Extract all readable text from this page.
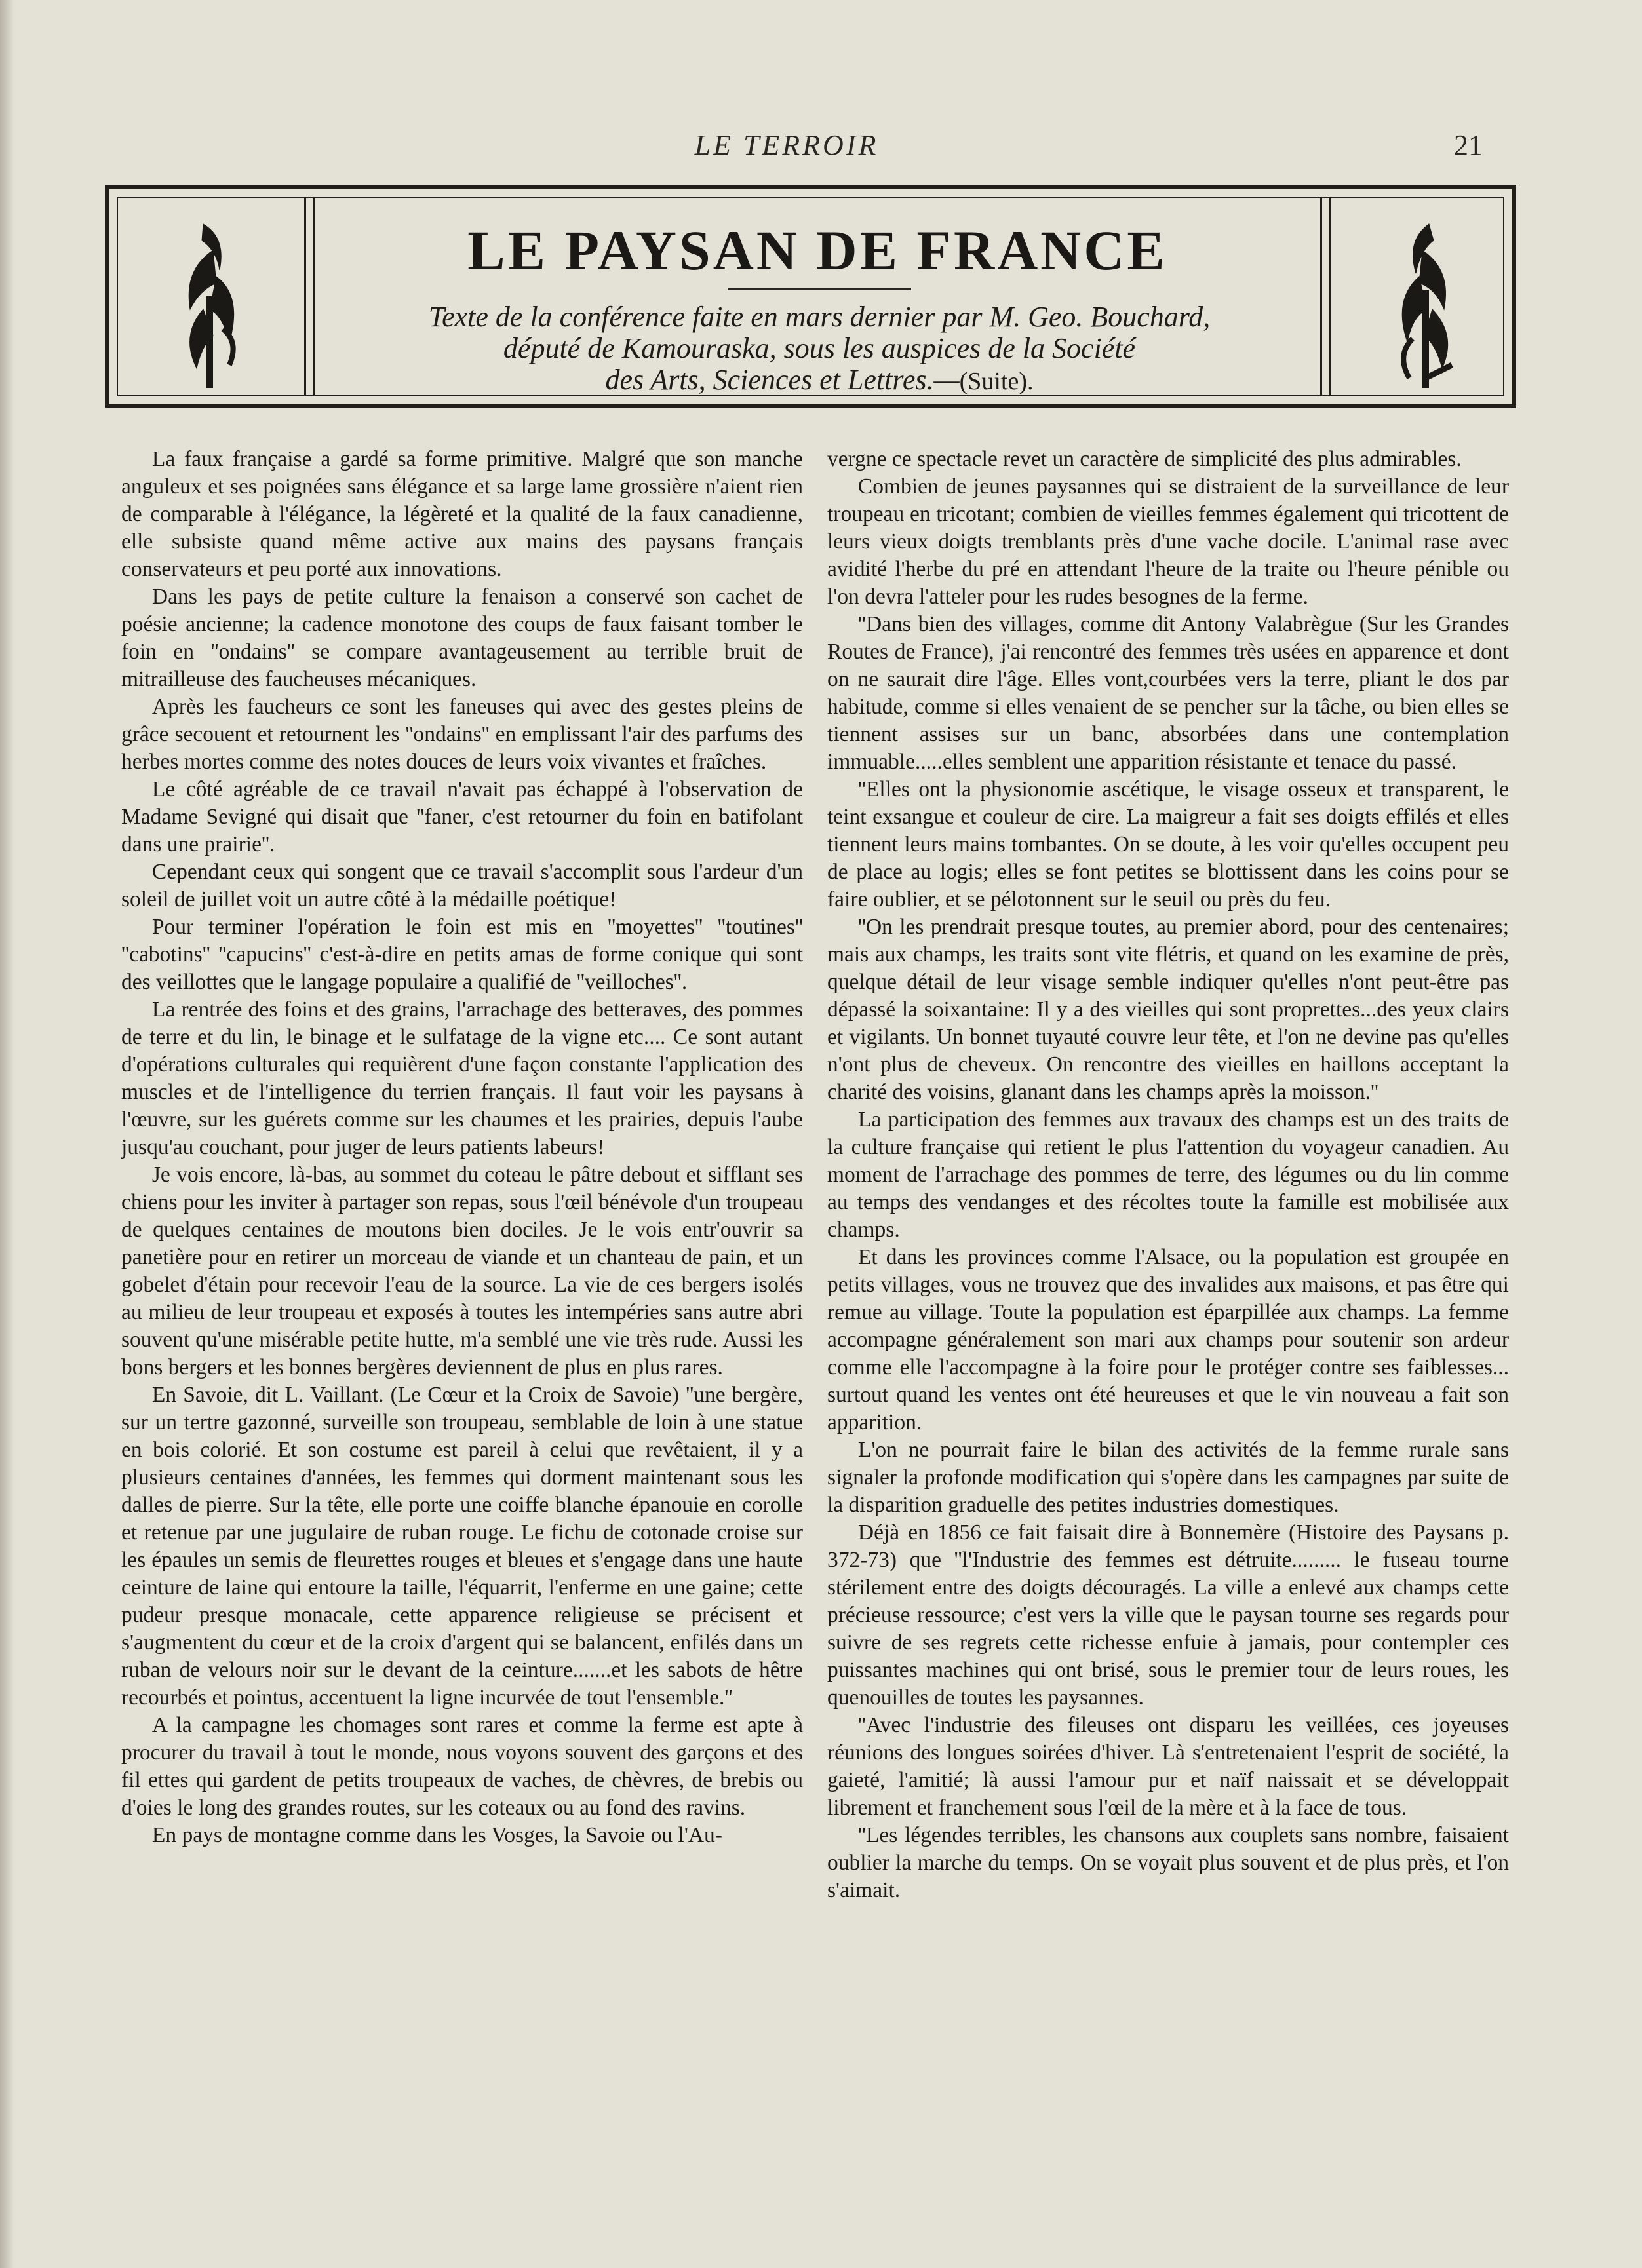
LE TERROIR	21
LE PAYSAN DE FRANCE
Texte de la conférence faite en mars dernier par M. Geo. Bouchard,
député de Kamouraska, sous les auspices de la Société
des Arts, Sciences et Lettres.—(Suite).

La faux française a gardé sa forme primitive. Malgré que son manche anguleux et ses poignées sans élégance et sa large lame grossière n'aient rien de comparable à l'élégance, la légèreté et la qualité de la faux canadienne, elle subsiste quand même active aux mains des paysans français conservateurs et peu porté aux innovations.

Dans les pays de petite culture la fenaison a conservé son cachet de poésie ancienne; la cadence monotone des coups de faux faisant tomber le foin en ''ondains'' se compare avantageusement au terrible bruit de mitrailleuse des faucheuses mécaniques.

Après les faucheurs ce sont les faneuses qui avec des gestes pleins de grâce secouent et retournent les ''ondains'' en emplissant l'air des parfums des herbes mortes comme des notes douces de leurs voix vivantes et fraîches.

Le côté agréable de ce travail n'avait pas échappé à l'observation de Madame Sevigné qui disait que ''faner, c'est retourner du foin en batifolant dans une prairie''.

Cependant ceux qui songent que ce travail s'accomplit sous l'ardeur d'un soleil de juillet voit un autre côté à la médaille poétique!

Pour terminer l'opération le foin est mis en ''moyettes'' ''toutines'' ''cabotins'' ''capucins'' c'est-à-dire en petits amas de forme conique qui sont des veillottes que le langage populaire a qualifié de ''veilloches''.

La rentrée des foins et des grains, l'arrachage des betteraves, des pommes de terre et du lin, le binage et le sulfatage de la vigne etc.... Ce sont autant d'opérations culturales qui requièrent d'une façon constante l'application des muscles et de l'intelligence du terrien français. Il faut voir les paysans à l'œuvre, sur les guérets comme sur les chaumes et les prairies, depuis l'aube jusqu'au couchant, pour juger de leurs patients labeurs!

Je vois encore, là-bas, au sommet du coteau le pâtre debout et sifflant ses chiens pour les inviter à partager son repas, sous l'œil bénévole d'un troupeau de quelques centaines de moutons bien dociles. Je le vois entr'ouvrir sa panetière pour en retirer un morceau de viande et un chanteau de pain, et un gobelet d'étain pour recevoir l'eau de la source. La vie de ces bergers isolés au milieu de leur troupeau et exposés à toutes les intempéries sans autre abri souvent qu'une misérable petite hutte, m'a semblé une vie très rude. Aussi les bons bergers et les bonnes bergères deviennent de plus en plus rares.

En Savoie, dit L. Vaillant. (Le Cœur et la Croix de Savoie) ''une bergère, sur un tertre gazonné, surveille son troupeau, semblable de loin à une statue en bois colorié. Et son costume est pareil à celui que revêtaient, il y a plusieurs centaines d'années, les femmes qui dorment maintenant sous les dalles de pierre. Sur la tête, elle porte une coiffe blanche épanouie en corolle et retenue par une jugulaire de ruban rouge. Le fichu de cotonade croise sur les épaules un semis de fleurettes rouges et bleues et s'engage dans une haute ceinture de laine qui entoure la taille, l'équarrit, l'enferme en une gaine; cette pudeur presque monacale, cette apparence religieuse se précisent et s'augmentent du cœur et de la croix d'argent qui se balancent, enfilés dans un ruban de velours noir sur le devant de la ceinture.......et les sabots de hêtre recourbés et pointus, accentuent la ligne incurvée de tout l'ensemble.''

A la campagne les chomages sont rares et comme la ferme est apte à procurer du travail à tout le monde, nous voyons souvent des garçons et des fil ettes qui gardent de petits troupeaux de vaches, de chèvres, de brebis ou d'oies le long des grandes routes, sur les coteaux ou au fond des ravins.

En pays de montagne comme dans les Vosges, la Savoie ou l'Au-

vergne ce spectacle revet un caractère de simplicité des plus admirables.

Combien de jeunes paysannes qui se distraient de la surveillance de leur troupeau en tricotant; combien de vieilles femmes également qui tricottent de leurs vieux doigts tremblants près d'une vache docile. L'animal rase avec avidité l'herbe du pré en attendant l'heure de la traite ou l'heure pénible ou l'on devra l'atteler pour les rudes besognes de la ferme.

''Dans bien des villages, comme dit Antony Valabrègue (Sur les Grandes Routes de France), j'ai rencontré des femmes très usées en apparence et dont on ne saurait dire l'âge. Elles vont,courbées vers la terre, pliant le dos par habitude, comme si elles venaient de se pencher sur la tâche, ou bien elles se tiennent assises sur un banc, absorbées dans une contemplation immuable.....elles semblent une apparition résistante et tenace du passé.

''Elles ont la physionomie ascétique, le visage osseux et transparent, le teint exsangue et couleur de cire. La maigreur a fait ses doigts effilés et elles tiennent leurs mains tombantes. On se doute, à les voir qu'elles occupent peu de place au logis; elles se font petites se blottissent dans les coins pour se faire oublier, et se pélotonnent sur le seuil ou près du feu.

''On les prendrait presque toutes, au premier abord, pour des centenaires; mais aux champs, les traits sont vite flétris, et quand on les examine de près, quelque détail de leur visage semble indiquer qu'elles n'ont peut-être pas dépassé la soixantaine: Il y a des vieilles qui sont proprettes...des yeux clairs et vigilants. Un bonnet tuyauté couvre leur tête, et l'on ne devine pas qu'elles n'ont plus de cheveux. On rencontre des vieilles en haillons acceptant la charité des voisins, glanant dans les champs après la moisson.''

La participation des femmes aux travaux des champs est un des traits de la culture française qui retient le plus l'attention du voyageur canadien. Au moment de l'arrachage des pommes de terre, des légumes ou du lin comme au temps des vendanges et des récoltes toute la famille est mobilisée aux champs.

Et dans les provinces comme l'Alsace, ou la population est groupée en petits villages, vous ne trouvez que des invalides aux maisons, et pas être qui remue au village. Toute la population est éparpillée aux champs. La femme accompagne généralement son mari aux champs pour soutenir son ardeur comme elle l'accompagne à la foire pour le protéger contre ses faiblesses... surtout quand les ventes ont été heureuses et que le vin nouveau a fait son apparition.

L'on ne pourrait faire le bilan des activités de la femme rurale sans signaler la profonde modification qui s'opère dans les campagnes par suite de la disparition graduelle des petites industries domestiques.

Déjà en 1856 ce fait faisait dire à Bonnemère (Histoire des Paysans p. 372-73) que ''l'Industrie des femmes est détruite......... le fuseau tourne stérilement entre des doigts découragés. La ville a enlevé aux champs cette précieuse ressource; c'est vers la ville que le paysan tourne ses regards pour suivre de ses regrets cette richesse enfuie à jamais, pour contempler ces puissantes machines qui ont brisé, sous le premier tour de leurs roues, les quenouilles de toutes les paysannes.

''Avec l'industrie des fileuses ont disparu les veillées, ces joyeuses réunions des longues soirées d'hiver. Là s'entretenaient l'esprit de société, la gaieté, l'amitié; là aussi l'amour pur et naïf naissait et se développait librement et franchement sous l'œil de la mère et à la face de tous.

''Les légendes terribles, les chansons aux couplets sans nombre, faisaient oublier la marche du temps. On se voyait plus souvent et de plus près, et l'on s'aimait.
